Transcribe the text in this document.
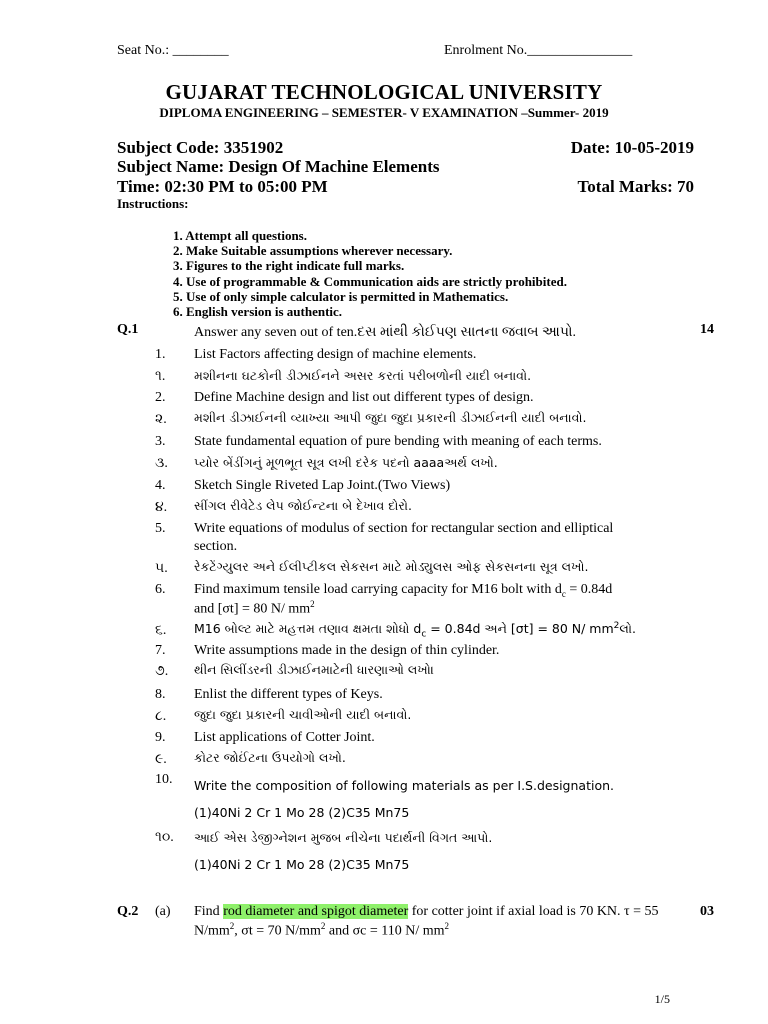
Seat No.: ________	Enrolment No._______________
GUJARAT TECHNOLOGICAL UNIVERSITY
DIPLOMA ENGINEERING – SEMESTER- V EXAMINATION –Summer- 2019
Subject Code: 3351902	Date: 10-05-2019
Subject Name: Design Of Machine Elements
Time: 02:30 PM to 05:00 PM	Total Marks: 70
Instructions:
1. Attempt all questions.
2. Make Suitable assumptions wherever necessary.
3. Figures to the right indicate full marks.
4. Use of programmable & Communication aids are strictly prohibited.
5. Use of only simple calculator is permitted in Mathematics.
6. English version is authentic.
Q.1	14
Answer any seven out of ten.દસ માંથી કોઈપણ સાતના જવાબ આપો.
1.	List Factors affecting design of machine elements.
૧.	મશીનના ઘટકોની ડીઝાઈનને અસર કરતાં પરીબળોની યાદી બનાવો.
2.	Define Machine design and list out different types of design.
૨.	મશીન ડીઝાઈનની વ્યાખ્યા આપી જુદા જુદા પ્રકારની ડીઝાઈનની યાદી બનાવો.
3.	State fundamental equation of pure bending with meaning of each terms.
૩.	પ્યોર બેંડીંગનું મૂળભૂત સૂત્ર લખી દરેક પદનો aaaaઅર્થ લખો.
4.	Sketch Single Riveted Lap Joint.(Two Views)
૪.	સીંગલ રીવેટેડ લેપ જોઈન્ટના બે દેખાવ દોરો.
5.	Write equations of modulus of section for rectangular section and elliptical
section.
૫.	રેકટેંગ્યુલર અને ઈલીપ્ટીકલ સેકસન માટે મોડ્યુલસ ઓફ સેકસનના સૂત્ર લખો.
6.	Find maximum tensile load carrying capacity for M16 bolt with $d_c = 0.84d$
and [σt] = 80 N/ $mm^2$
૬.	M16 બોલ્ટ માટે મહત્તમ તણાવ ક્ષમતા શોધો $d_c = 0.84d$ અને [σt] = 80 N/ $mm^2લો$.
7.	Write assumptions made in the design of thin cylinder.
૭.	થીન સિલીંડરની ડીઝાઈનમાટેની ધારણાઓ લખો।
8.	Enlist the different types of Keys.
૮.	જુદા જુદા પ્રકારની ચાવીઓની યાદી બનાવો.
9.	List applications of Cotter Joint.
૯.	કોટર જોઈંટના ઉપયોગો લખો.
10.	Write the composition of following materials as per I.S.designation.
(1)40Ni 2 Cr 1 Mo 28 (2)C35 Mn75
૧૦. આઈ એસ ડેજીગ્નેશન મુજબ નીચેના પદાર્થની વિગત આપો.
(1)40Ni 2 Cr 1 Mo 28 (2)C35 Mn75
Q.2 (a)	03
Find rod diameter and spigot diameter for cotter joint if axial load is 70 KN. τ = 55
$N/mm^2$, σt = 70 $N/mm^2$ and σc = 110 N/ $mm^2$
1/5
